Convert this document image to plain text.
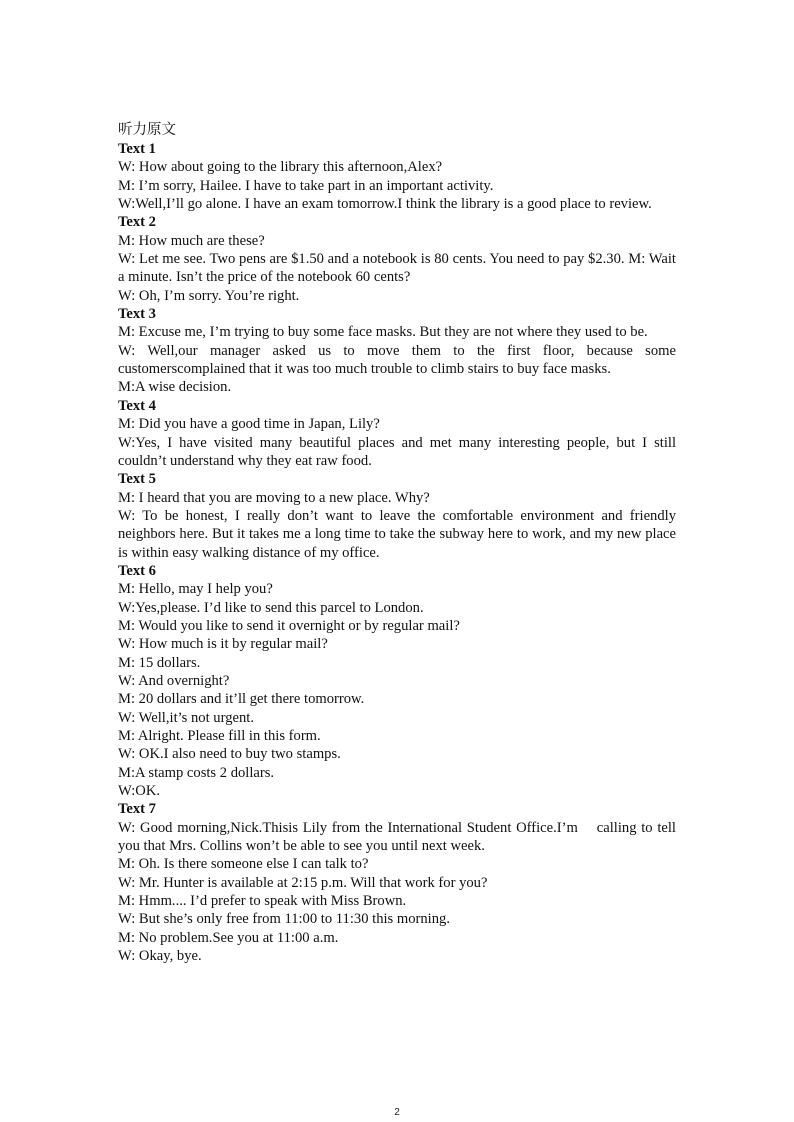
听力原文
Text 1
W: How about going to the library this afternoon,Alex?
M: I’m sorry, Hailee. I have to take part in an important activity.
W:Well,I’ll go alone. I have an exam tomorrow.I think the library is a good place to review.
Text 2
M: How much are these?
W: Let me see. Two pens are $1.50 and a notebook is 80 cents. You need to pay $2.30. M: Wait a minute. Isn’t the price of the notebook 60 cents?
W: Oh, I’m sorry. You’re right.
Text 3
M: Excuse me, I’m trying to buy some face masks. But they are not where they used to be.
W: Well,our manager asked us to move them to the first floor, because some customerscomplained that it was too much trouble to climb stairs to buy face masks.
M:A wise decision.
Text 4
M: Did you have a good time in Japan, Lily?
W:Yes, I have visited many beautiful places and met many interesting people, but I still couldn’t understand why they eat raw food.
Text 5
M: I heard that you are moving to a new place. Why?
W: To be honest, I really don’t want to leave the comfortable environment and friendly neighbors here. But it takes me a long time to take the subway here to work, and my new place is within easy walking distance of my office.
Text 6
M: Hello, may I help you?
W:Yes,please. I’d like to send this parcel to London.
M: Would you like to send it overnight or by regular mail?
W: How much is it by regular mail?
M: 15 dollars.
W: And overnight?
M: 20 dollars and it’ll get there tomorrow.
W: Well,it’s not urgent.
M: Alright. Please fill in this form.
W: OK.I also need to buy two stamps.
M:A stamp costs 2 dollars.
W:OK.
Text 7
W: Good morning,Nick.Thisis Lily from the International Student Office.I’m    calling to tell you that Mrs. Collins won’t be able to see you until next week.
M: Oh. Is there someone else I can talk to?
W: Mr. Hunter is available at 2:15 p.m. Will that work for you?
M: Hmm.... I’d prefer to speak with Miss Brown.
W: But she’s only free from 11:00 to 11:30 this morning.
M: No problem.See you at 11:00 a.m.
W: Okay, bye.
2
